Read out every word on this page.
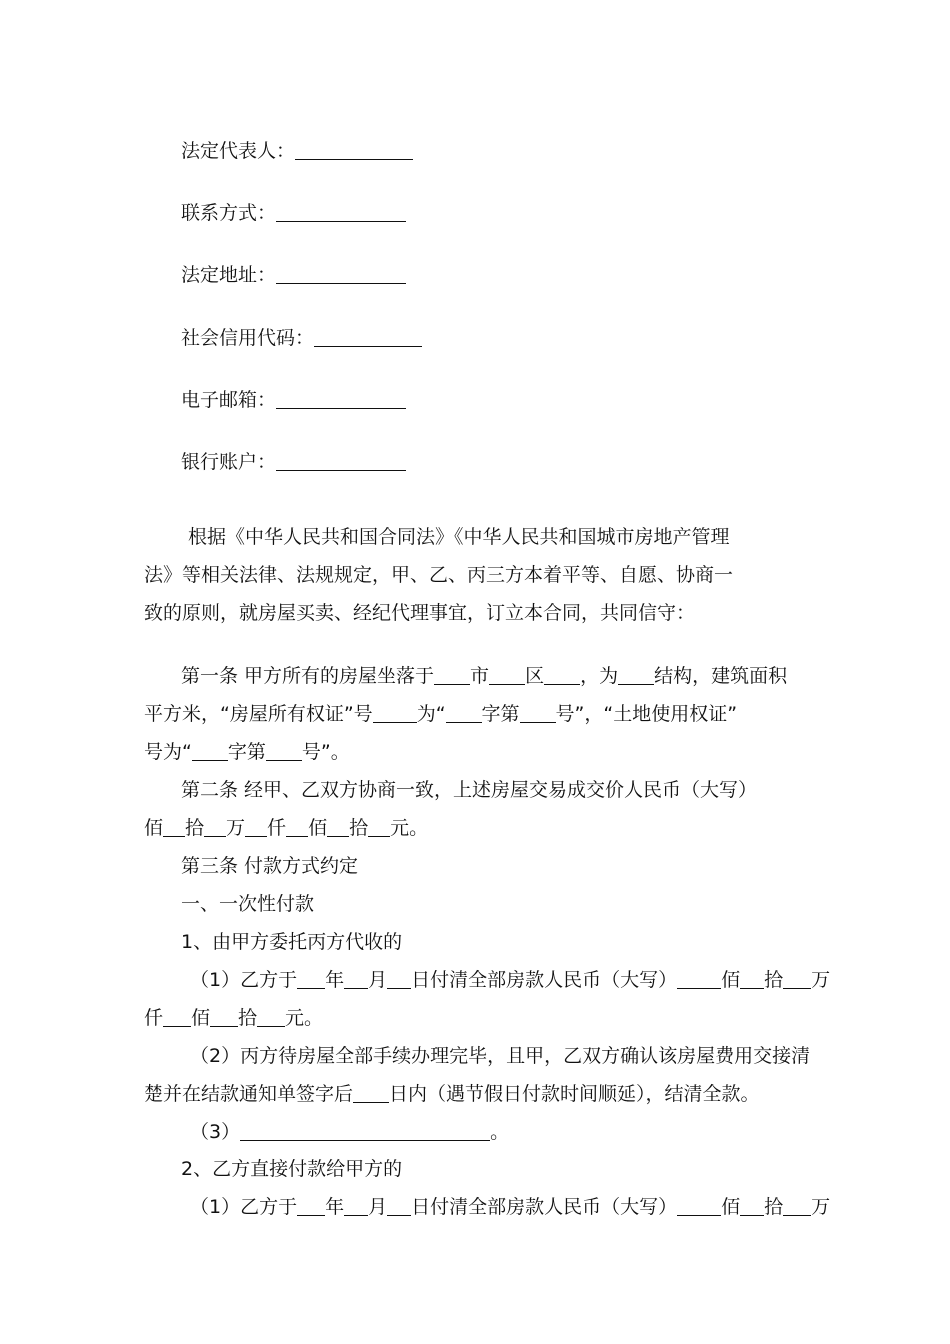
法定代表人：
联系方式：
法定地址：
社会信用代码：
电子邮箱：
银行账户：
根据《中华人民共和国合同法》《中华人民共和国城市房地产管理
法》等相关法律、法规规定，甲、乙、丙三方本着平等、自愿、协商一
致的原则，就房屋买卖、经纪代理事宜，订立本合同，共同信守：
第一条 甲方所有的房屋坐落于 市 区 ，为 结构，建筑面积
平方米，“房屋所有权证”号 为“ 字第 号”，“土地使用权证”
号为“ 字第 号”。
第二条 经甲、乙双方协商一致，上述房屋交易成交价人民币（大写）
佰 拾 万 仟 佰 拾 元。
第三条 付款方式约定
一、一次性付款
1、由甲方委托丙方代收的
（1）乙方于 年 月 日付清全部房款人民币（大写） 佰 拾 万
仟 佰 拾 元。
（2）丙方待房屋全部手续办理完毕，且甲，乙双方确认该房屋费用交接清
楚并在结款通知单签字后 日内（遇节假日付款时间顺延），结清全款。
（3）	。
2、乙方直接付款给甲方的
（1）乙方于 年 月 日付清全部房款人民币（大写） 佰 拾 万
